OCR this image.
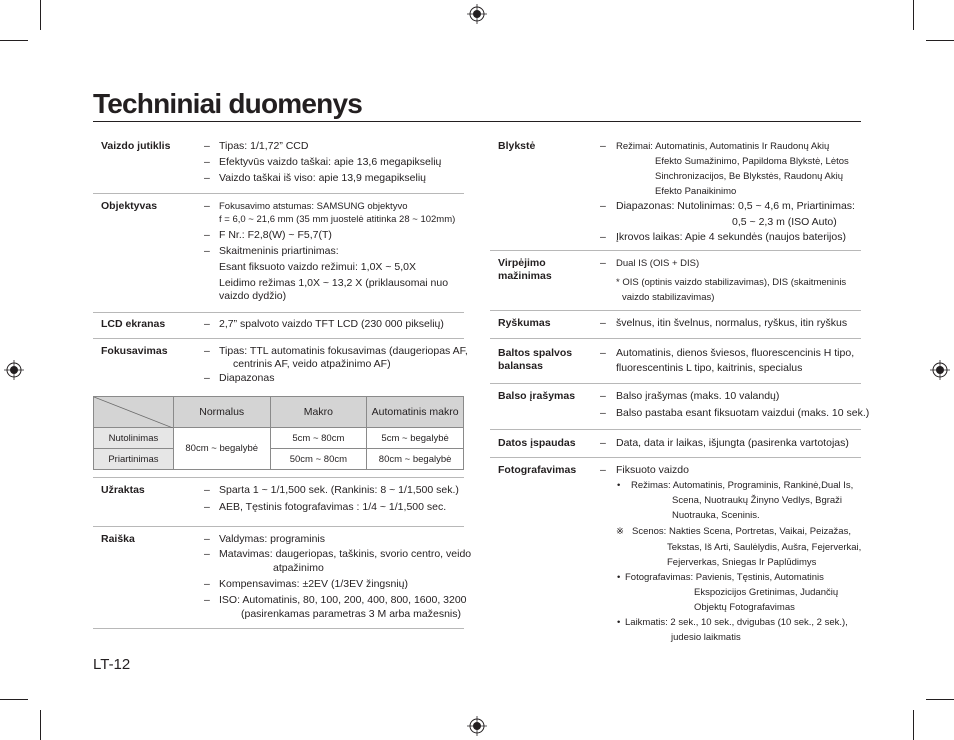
Techniniai duomenys
Vaizdo jutiklis	– Tipas: 1/1,72” CCD
– Efektyvūs vaizdo taškai: apie 13,6 megapikselių
– Vaizdo taškai iš viso: apie 13,9 megapikselių
Objektyvas	– Fokusavimo atstumas: SAMSUNG objektyvo
f = 6,0 ~ 21,6 mm (35 mm juostelė atitinka 28 ~ 102mm)
– F Nr.: F2,8(W) ~ F5,7(T)
– Skaitmeninis priartinimas:
Esant fiksuoto vaizdo režimui: 1,0X ~ 5,0X
Leidimo režimas 1,0X ~ 13,2 X (priklausomai nuo
vaizdo dydžio)
LCD ekranas	– 2,7” spalvoto vaizdo TFT LCD (230 000 pikselių)
Fokusavimas	– Tipas: TTL automatinis fokusavimas (daugeriopas AF,
centrinis AF, veido atpažinimo AF)
– Diapazonas
	Normalus	Makro	Automatinis makro
Nutolinimas	80cm ~ begalybė	5cm ~ 80cm	5cm ~ begalybė
Priartinimas		50cm ~ 80cm	80cm ~ begalybė
Užraktas	– Sparta 1 ~ 1/1,500 sek. (Rankinis: 8 ~ 1/1,500 sek.)
– AEB, Tęstinis fotografavimas : 1/4 ~ 1/1,500 sec.
Raiška	– Valdymas: programinis
– Matavimas: daugeriopas, taškinis, svorio centro, veido
atpažinimo
– Kompensavimas: ±2EV (1/3EV žingsnių)
– ISO: Automatinis, 80, 100, 200, 400, 800, 1600, 3200
(pasirenkamas parametras 3 M arba mažesnis)
Blykstė	– Režimai: Automatinis, Automatinis Ir Raudonų Akių
Efekto Sumažinimo, Papildoma Blykstė, Lėtos
Sinchronizacijos, Be Blykstės, Raudonų Akių
Efekto Panaikinimo
– Diapazonas: Nutolinimas: 0,5 ~ 4,6 m, Priartinimas:
0,5 ~ 2,3 m (ISO Auto)
– Įkrovos laikas: Apie 4 sekundės (naujos baterijos)
Virpėjimo
mažinimas
– Dual IS (OIS + DIS)
* OIS (optinis vaizdo stabilizavimas), DIS (skaitmeninis
vaizdo stabilizavimas)
Ryškumas	– švelnus, itin švelnus, normalus, ryškus, itin ryškus
Baltos spalvos
balansas
– Automatinis, dienos šviesos, fluorescencinis H tipo,
fluorescentinis L tipo, kaitrinis, specialus
Balso įrašymas – Balso įrašymas (maks. 10 valandų)
– Balso pastaba esant fiksuotam vaizdui (maks. 10 sek.)
Datos įspaudas – Data, data ir laikas, išjungta (pasirenka vartotojas)
Fotografavimas – Fiksuoto vaizdo
• Režimas: Automatinis, Programinis, Rankinė,Dual Is,
Scena, Nuotraukų Žinyno Vedlys, Bgraži
Nuotrauka, Sceninis.
※ Scenos: Nakties Scena, Portretas, Vaikai, Peizažas,
Tekstas, Iš Arti, Saulėlydis, Aušra, Fejerverkai,
Fejerverkas, Sniegas Ir Paplūdimys
• Fotografavimas: Pavienis, Tęstinis, Automatinis
Ekspozicijos Gretinimas, Judančių
Objektų Fotografavimas
• Laikmatis: 2 sek., 10 sek., dvigubas (10 sek., 2 sek.),
judesio laikmatis
LT-12
